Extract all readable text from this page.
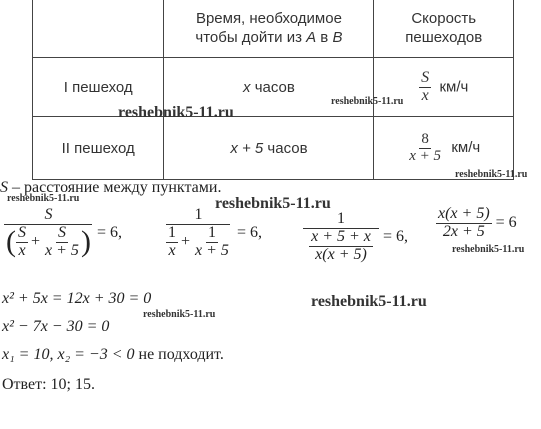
	Время, необходимое
чтобы дойти из A в B	Скорость
пешеходов
I пешеход	x часов	$\frac{S}{x} км/ч$
II пешеход	x + 5 часов	$\frac{8}{x + 5} км/ч$
reshebnik5-11.ru
reshebnik5-11.ru
reshebnik5-11.ru
reshebnik5-11.ru	reshebnik5-11.ru
reshebnik5-11.ru
reshebnik5-11.ru
reshebnik5-11.ru
S – расстояние между пунктами.
$\frac{S}{( \frac{S}{x} + \frac{S}{x + 5} )} = 6$,	$\frac{1}{\frac{1}{x} + \frac{1}{x + 5}} = 6$,	$\frac{1}{\frac{x + 5 + x}{x(x + 5)}} = 6$, $\frac{x(x + 5)}{2x + 5} = 6$
x² + 5x = 12x + 30 = 0
x² − 7x − 30 = 0
x₁ = 10, x₂ = −3 < 0 не подходит.
Ответ: 10; 15.
